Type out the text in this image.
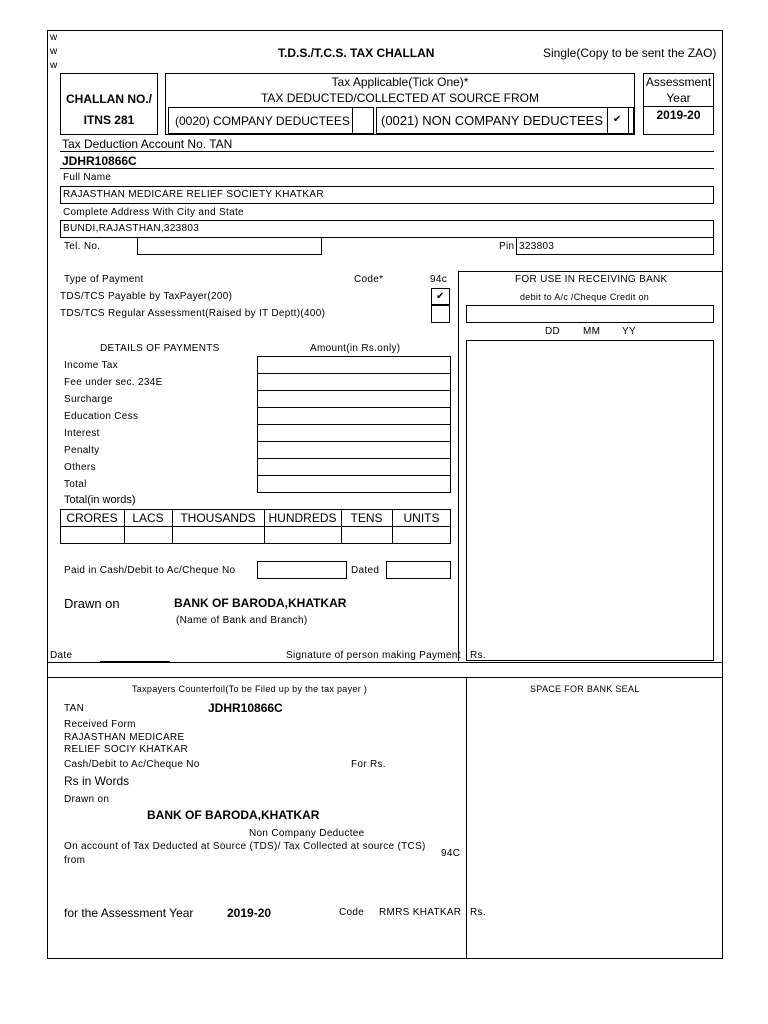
w
w
w
T.D.S./T.C.S. TAX CHALLAN	Single(Copy to be sent the ZAO)
CHALLAN NO./
ITNS 281
Tax Applicable(Tick One)*
TAX DEDUCTED/COLLECTED AT SOURCE FROM
(0020) COMPANY DEDUCTEES (0021) NON COMPANY DEDUCTEES ✔
Assessment
Year
2019-20
Tax Deduction Account No. TAN
JDHR10866C
Full Name
RAJASTHAN MEDICARE RELIEF SOCIETY KHATKAR
Complete Address With City and State
BUNDI,RAJASTHAN,323803
Tel. No.	Pin 323803
Type of Payment	Code*	94c
TDS/TCS Payable by TaxPayer(200)	✔
TDS/TCS Regular Assessment(Raised by IT Deptt)(400)
FOR USE IN RECEIVING BANK
debit to A/c /Cheque Credit on
DD MM YY
DETAILS OF PAYMENTS	Amount(in Rs.only)
Income Tax
Fee under sec. 234E
Surcharge
Education Cess
Interest
Penalty
Others
Total
Total(in words)
CRORES	LACS	THOUSANDS	HUNDREDS	TENS	UNITS
Paid in Cash/Debit to Ac/Cheque No	Dated
Drawn on	BANK OF BARODA,KHATKAR
(Name of Bank and Branch)
Date	Signature of person making Payment Rs.
Taxpayers Counterfoil(To be Filed up by the tax payer )	SPACE FOR BANK SEAL
TAN	JDHR10866C
Received Form
RAJASTHAN MEDICARE
RELIEF SOCIY KHATKAR
Cash/Debit to Ac/Cheque No	For Rs.
Rs in Words
Drawn on
BANK OF BARODA,KHATKAR
Non Company Deductee
On account of Tax Deducted at Source (TDS)/ Tax Collected at source (TCS)
94C
from
for the Assessment Year	2019-20	Code RMRS KHATKAR Rs.
